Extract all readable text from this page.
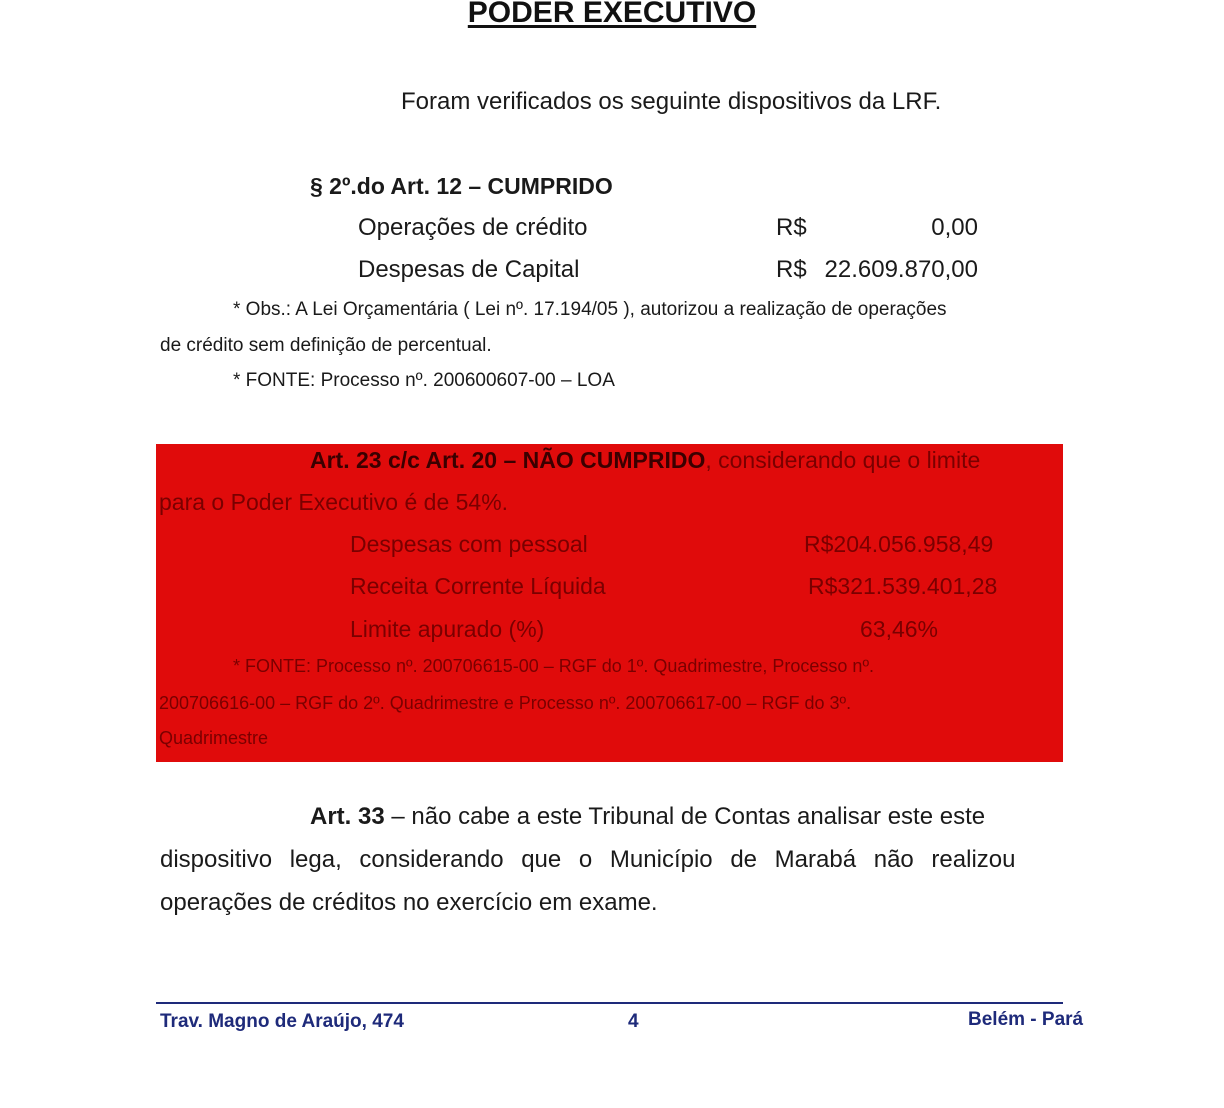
PODER EXECUTIVO
Foram verificados os seguinte dispositivos da LRF.
§ 2º.do Art. 12 – CUMPRIDO
Operações de crédito	R$	0,00
Despesas de Capital	R$ 22.609.870,00
* Obs.: A Lei Orçamentária ( Lei nº. 17.194/05 ), autorizou a realização de operações
de crédito sem definição de percentual.
* FONTE: Processo nº. 200600607-00 – LOA
Art. 23 c/c Art. 20 – NÃO CUMPRIDO, considerando que o limite
para o Poder Executivo é de 54%.
Despesas com pessoal	R$204.056.958,49
Receita Corrente Líquida	R$321.539.401,28
Limite apurado (%)	63,46%
* FONTE: Processo nº. 200706615-00 – RGF do 1º. Quadrimestre, Processo nº.
200706616-00 – RGF do 2º. Quadrimestre e Processo nº. 200706617-00 – RGF do 3º.
Quadrimestre
Art. 33 – não cabe a este Tribunal de Contas analisar este este
dispositivo lega, considerando que o Município de Marabá não realizou
operações de créditos no exercício em exame.
Trav. Magno de Araújo, 474	4	Belém - Pará
